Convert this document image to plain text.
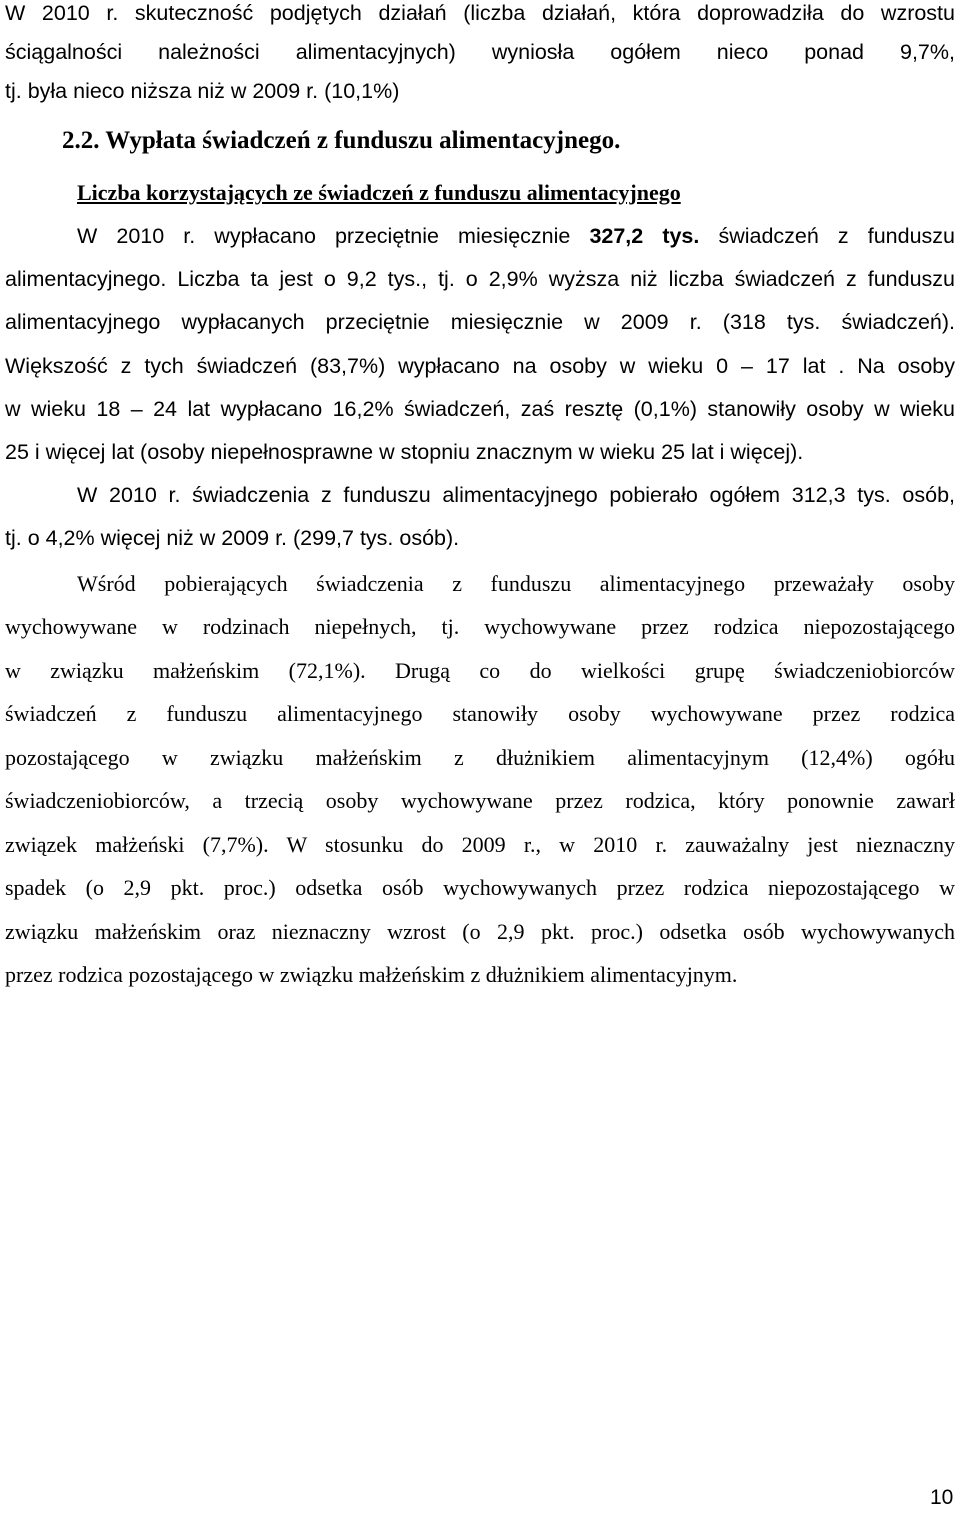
W 2010 r. skuteczność podjętych działań (liczba działań, która doprowadziła do wzrostu

ściągalności należności alimentacyjnych) wyniosła ogółem nieco ponad 9,7%,

tj. była nieco niższa niż w 2009 r. (10,1%)

2.2. Wypłata świadczeń z funduszu alimentacyjnego.
Liczba korzystających ze świadczeń z funduszu alimentacyjnego

W 2010 r. wypłacano przeciętnie miesięcznie 327,2 tys. świadczeń z funduszu

alimentacyjnego. Liczba ta jest o 9,2 tys., tj. o 2,9% wyższa niż liczba świadczeń z funduszu

alimentacyjnego wypłacanych przeciętnie miesięcznie w 2009 r. (318 tys. świadczeń).

Większość z tych świadczeń (83,7%) wypłacano na osoby w wieku 0 – 17 lat . Na osoby

w wieku 18 – 24 lat wypłacano 16,2% świadczeń, zaś resztę (0,1%) stanowiły osoby w wieku

25 i więcej lat (osoby niepełnosprawne w stopniu znacznym w wieku 25 lat i więcej).

W 2010 r. świadczenia z funduszu alimentacyjnego pobierało ogółem 312,3 tys. osób,

tj. o 4,2% więcej niż w 2009 r. (299,7 tys. osób).

Wśród pobierających świadczenia z funduszu alimentacyjnego przeważały osoby

wychowywane w rodzinach niepełnych, tj. wychowywane przez rodzica niepozostającego

w związku małżeńskim (72,1%). Drugą co do wielkości grupę świadczeniobiorców

świadczeń z funduszu alimentacyjnego stanowiły osoby wychowywane przez rodzica

pozostającego w związku małżeńskim z dłużnikiem alimentacyjnym (12,4%) ogółu

świadczeniobiorców, a trzecią osoby wychowywane przez rodzica, który ponownie zawarł

związek małżeński (7,7%). W stosunku do 2009 r., w 2010 r. zauważalny jest nieznaczny

spadek (o 2,9 pkt. proc.) odsetka osób wychowywanych przez rodzica niepozostającego w

związku małżeńskim oraz nieznaczny wzrost (o 2,9 pkt. proc.) odsetka osób wychowywanych

przez rodzica pozostającego w związku małżeńskim z dłużnikiem alimentacyjnym.

10
